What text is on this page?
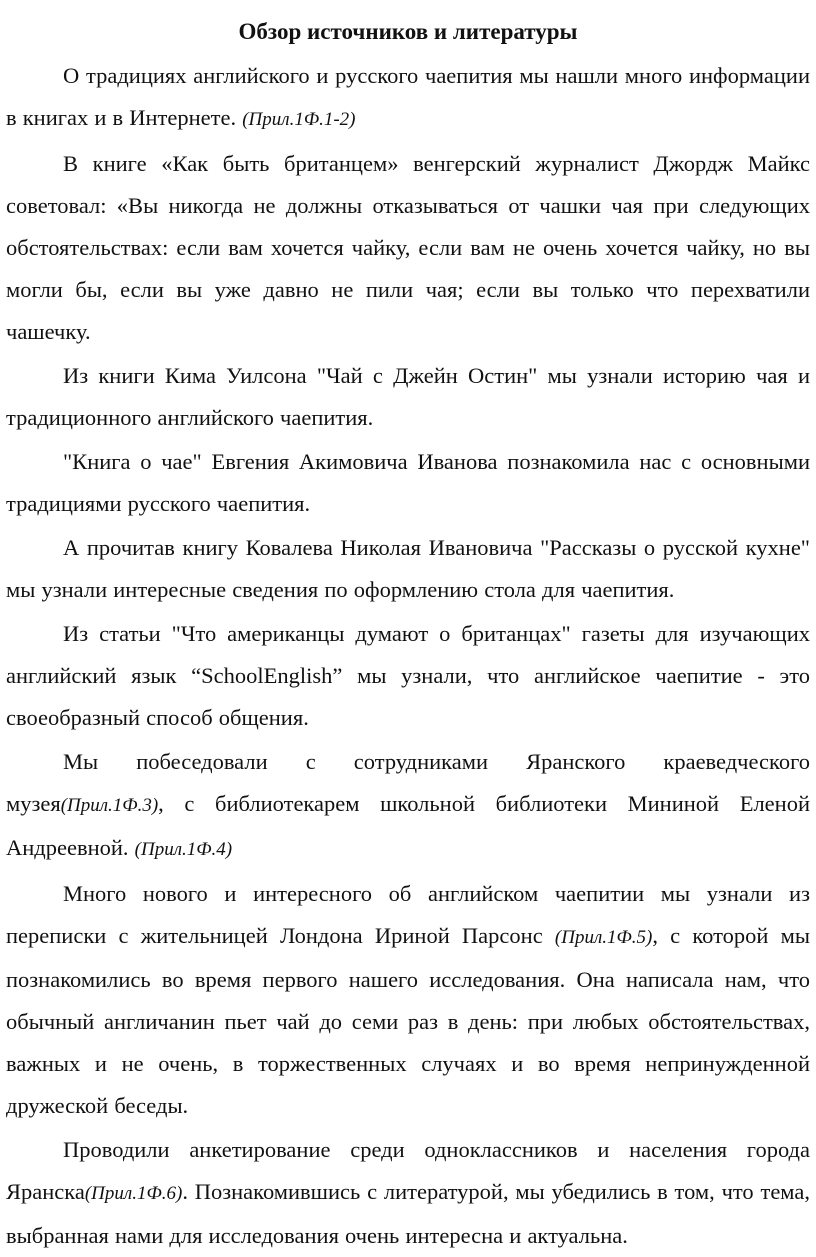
Обзор источников и литературы

О традициях английского и русского чаепития мы нашли много информации в книгах и в Интернете. (Прил.1Ф.1-2)

В книге «Как быть британцем» венгерский журналист Джордж Майкс советовал: «Вы никогда не должны отказываться от чашки чая при следующих обстоятельствах: если вам хочется чайку, если вам не очень хочется чайку, но вы могли бы, если вы уже давно не пили чая; если вы только что перехватили чашечку.

Из книги Кима Уилсона "Чай с Джейн Остин" мы узнали историю чая и традиционного английского чаепития.

"Книга о чае" Евгения Акимовича Иванова познакомила нас с основными традициями русского чаепития.

А прочитав книгу Ковалева Николая Ивановича "Рассказы о русской кухне" мы узнали интересные сведения по оформлению стола для чаепития.

Из статьи "Что американцы думают о британцах" газеты для изучающих английский язык “SchoolEnglish” мы узнали, что английское чаепитие - это своеобразный способ общения.

Мы побеседовали с сотрудниками Яранского краеведческого музея(Прил.1Ф.3), с библиотекарем школьной библиотеки Мининой Еленой Андреевной. (Прил.1Ф.4)

Много нового и интересного об английском чаепитии мы узнали из переписки с жительницей Лондона Ириной Парсонс (Прил.1Ф.5), с которой мы познакомились во время первого нашего исследования. Она написала нам, что обычный англичанин пьет чай до семи раз в день: при любых обстоятельствах, важных и не очень, в торжественных случаях и во время непринужденной дружеской беседы.

Проводили анкетирование среди одноклассников и населения города Яранска(Прил.1Ф.6). Познакомившись с литературой, мы убедились в том, что тема, выбранная нами для исследования очень интересна и актуальна.
